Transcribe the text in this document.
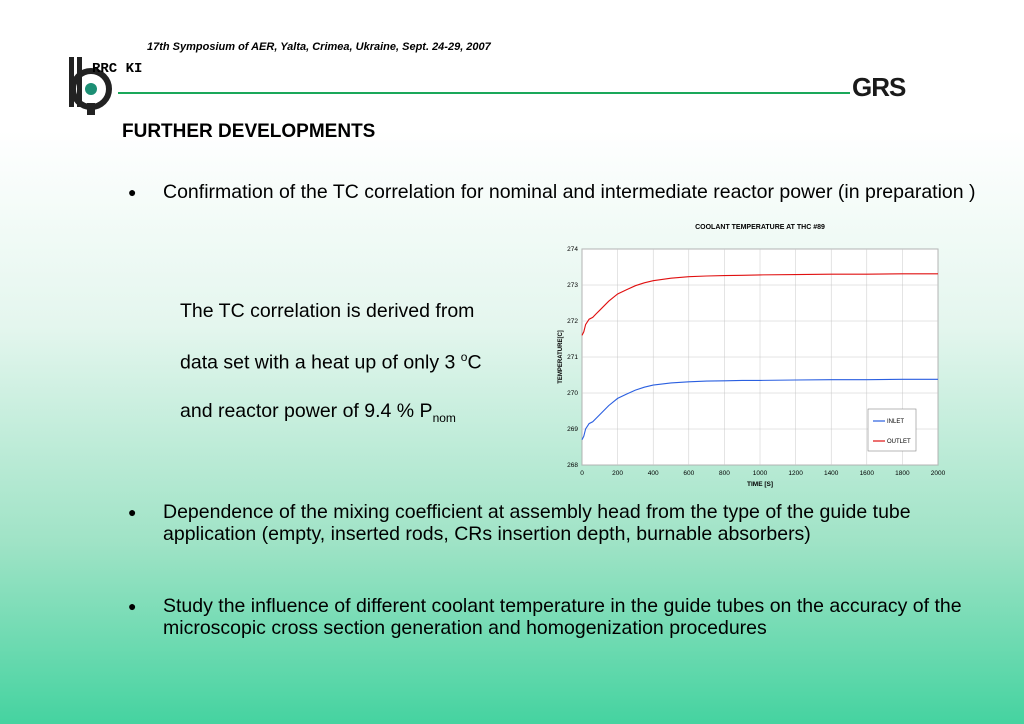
17th Symposium of AER, Yalta, Crimea, Ukraine, Sept. 24-29, 2007
RRC KI
GRS
FURTHER DEVELOPMENTS
● Confirmation of the TC correlation for nominal and intermediate reactor power (in preparation )
The TC correlation is derived from
data set with a heat up of only 3 $^o$C
and reactor power of 9.4 % $P_{nom}$
COOLANT TEMPERATURE AT THC #89
0	200	400	600	800	1000	1200	1400	1600	1800	2000
268
269
270
271
272
273
274
TIME [S]
TEMPERATURE[C]
INLET
OUTLET
● Dependence of the mixing coefficient at assembly head from the type of the guide tube application (empty, inserted rods, CRs insertion depth, burnable absorbers)
● Study the influence of different coolant temperature in the guide tubes on the accuracy of the microscopic cross section generation and homogenization procedures
